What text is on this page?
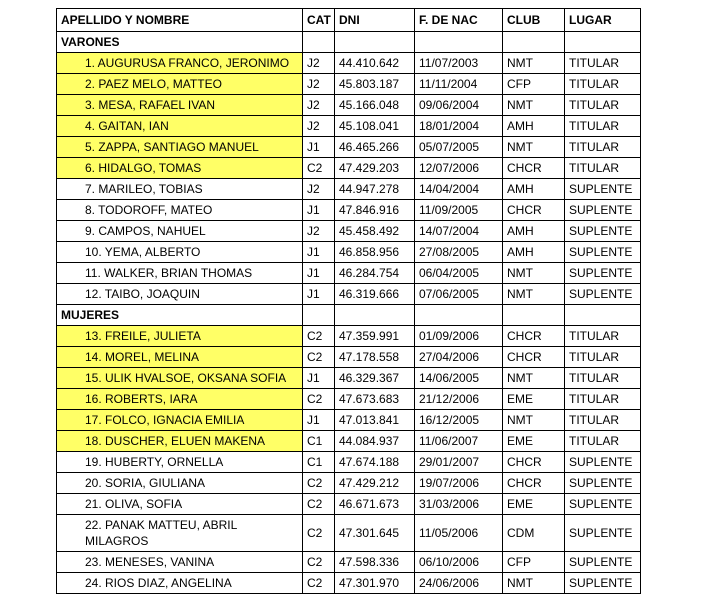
APELLIDO Y NOMBRE	CAT	DNI	F. DE NAC	CLUB	LUGAR
VARONES					
1. AUGURUSA FRANCO, JERONIMO	J2	44.410.642	11/07/2003	NMT	TITULAR
2. PAEZ MELO, MATTEO	J2	45.803.187	11/11/2004	CFP	TITULAR
3. MESA, RAFAEL IVAN	J2	45.166.048	09/06/2004	NMT	TITULAR
4. GAITAN, IAN	J2	45.108.041	18/01/2004	AMH	TITULAR
5. ZAPPA, SANTIAGO MANUEL	J1	46.465.266	05/07/2005	NMT	TITULAR
6. HIDALGO, TOMAS	C2	47.429.203	12/07/2006	CHCR	TITULAR
7. MARILEO, TOBIAS	J2	44.947.278	14/04/2004	AMH	SUPLENTE
8. TODOROFF, MATEO	J1	47.846.916	11/09/2005	CHCR	SUPLENTE
9. CAMPOS, NAHUEL	J2	45.458.492	14/07/2004	AMH	SUPLENTE
10. YEMA, ALBERTO	J1	46.858.956	27/08/2005	AMH	SUPLENTE
11. WALKER, BRIAN THOMAS	J1	46.284.754	06/04/2005	NMT	SUPLENTE
12. TAIBO, JOAQUIN	J1	46.319.666	07/06/2005	NMT	SUPLENTE
MUJERES					
13. FREILE, JULIETA	C2	47.359.991	01/09/2006	CHCR	TITULAR
14. MOREL, MELINA	C2	47.178.558	27/04/2006	CHCR	TITULAR
15. ULIK HVALSOE, OKSANA SOFIA	J1	46.329.367	14/06/2005	NMT	TITULAR
16. ROBERTS, IARA	C2	47.673.683	21/12/2006	EME	TITULAR
17. FOLCO, IGNACIA EMILIA	J1	47.013.841	16/12/2005	NMT	TITULAR
18. DUSCHER, ELUEN MAKENA	C1	44.084.937	11/06/2007	EME	TITULAR
19. HUBERTY, ORNELLA	C1	47.674.188	29/01/2007	CHCR	SUPLENTE
20. SORIA, GIULIANA	C2	47.429.212	19/07/2006	CHCR	SUPLENTE
21. OLIVA, SOFIA	C2	46.671.673	31/03/2006	EME	SUPLENTE
22. PANAK MATTEU, ABRIL MILAGROS	C2	47.301.645	11/05/2006	CDM	SUPLENTE
23. MENESES, VANINA	C2	47.598.336	06/10/2006	CFP	SUPLENTE
24. RIOS DIAZ, ANGELINA	C2	47.301.970	24/06/2006	NMT	SUPLENTE
